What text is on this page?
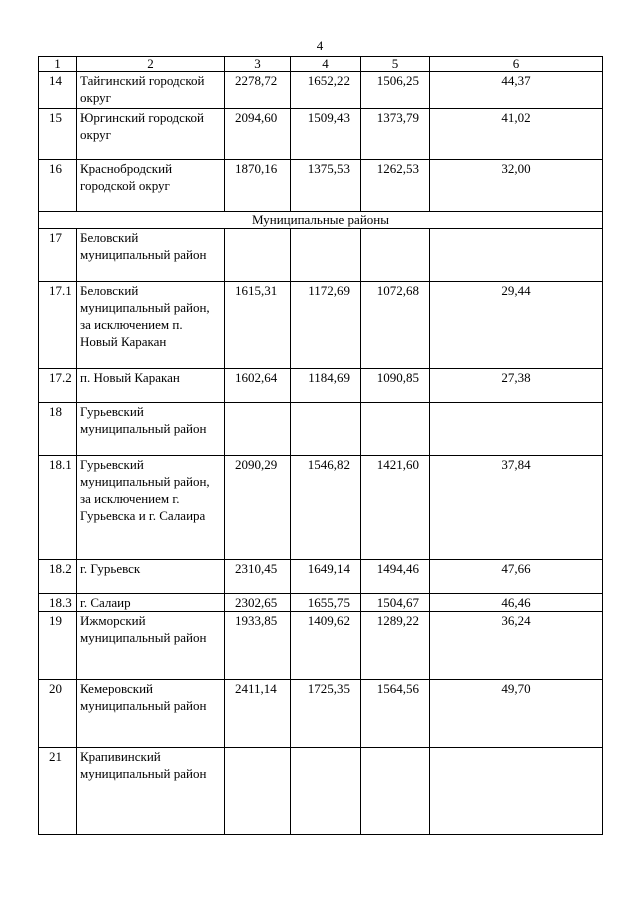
4
1	2	3	4	5	6
14	Тайгинский городской округ	2278,72	1652,22	1506,25	44,37
15	Юргинский городской округ	2094,60	1509,43	1373,79	41,02
16	Краснобродский городской округ	1870,16	1375,53	1262,53	32,00
Муниципальные районы					
17	Беловский муниципальный район				
17.1	Беловский муниципальный район, за исключением п. Новый Каракан	1615,31	1172,69	1072,68	29,44
17.2	п. Новый Каракан	1602,64	1184,69	1090,85	27,38
18	Гурьевский муниципальный район				
18.1	Гурьевский муниципальный район, за исключением г. Гурьевска и г. Салаира	2090,29	1546,82	1421,60	37,84
18.2	г. Гурьевск	2310,45	1649,14	1494,46	47,66
18.3	г. Салаир	2302,65	1655,75	1504,67	46,46
19	Ижморский муниципальный район	1933,85	1409,62	1289,22	36,24
20	Кемеровский муниципальный район	2411,14	1725,35	1564,56	49,70
21	Крапивинский муниципальный район				
